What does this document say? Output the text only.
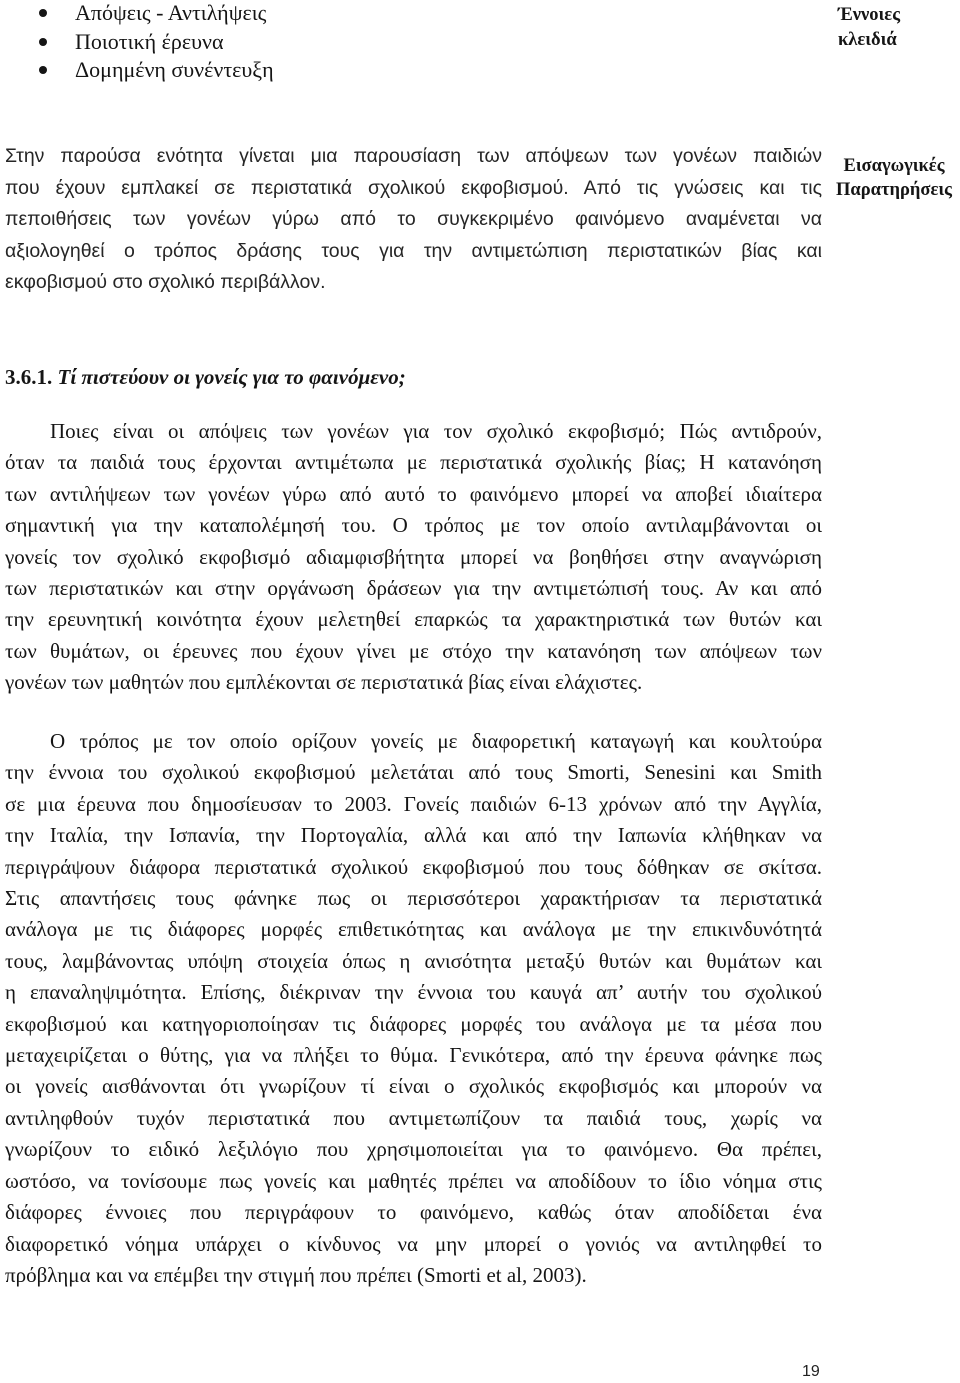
Απόψεις - Αντιλήψεις
Ποιοτική έρευνα
Δομημένη συνέντευξη
Έννοιες
κλειδιά
Στην παρούσα ενότητα γίνεται μια παρουσίαση των απόψεων των γονέων παιδιών
που έχουν εμπλακεί σε περιστατικά σχολικού εκφοβισμού. Από τις γνώσεις και τις
πεποιθήσεις των γονέων γύρω από το συγκεκριμένο φαινόμενο αναμένεται να
αξιολογηθεί ο τρόπος δράσης τους για την αντιμετώπιση περιστατικών βίας και
εκφοβισμού στο σχολικό περιβάλλον.
Εισαγωγικές
Παρατηρήσεις
3.6.1. Τί πιστεύουν οι γονείς για το φαινόμενο;
Ποιες είναι οι απόψεις των γονέων για τον σχολικό εκφοβισμό; Πώς αντιδρούν,
όταν τα παιδιά τους έρχονται αντιμέτωπα με περιστατικά σχολικής βίας; Η κατανόηση
των αντιλήψεων των γονέων γύρω από αυτό το φαινόμενο μπορεί να αποβεί ιδιαίτερα
σημαντική για την καταπολέμησή του. Ο τρόπος με τον οποίο αντιλαμβάνονται οι
γονείς τον σχολικό εκφοβισμό αδιαμφισβήτητα μπορεί να βοηθήσει στην αναγνώριση
των περιστατικών και στην οργάνωση δράσεων για την αντιμετώπισή τους. Αν και από
την ερευνητική κοινότητα έχουν μελετηθεί επαρκώς τα χαρακτηριστικά των θυτών και
των θυμάτων, οι έρευνες που έχουν γίνει με στόχο την κατανόηση των απόψεων των
γονέων των μαθητών που εμπλέκονται σε περιστατικά βίας είναι ελάχιστες.
Ο τρόπος με τον οποίο ορίζουν γονείς με διαφορετική καταγωγή και κουλτούρα
την έννοια του σχολικού εκφοβισμού μελετάται από τους Smorti, Senesini και Smith
σε μια έρευνα που δημοσίευσαν το 2003. Γονείς παιδιών 6-13 χρόνων από την Αγγλία,
την Ιταλία, την Ισπανία, την Πορτογαλία, αλλά και από την Ιαπωνία κλήθηκαν να
περιγράψουν διάφορα περιστατικά σχολικού εκφοβισμού που τους δόθηκαν σε σκίτσα.
Στις απαντήσεις τους φάνηκε πως οι περισσότεροι χαρακτήρισαν τα περιστατικά
ανάλογα με τις διάφορες μορφές επιθετικότητας και ανάλογα με την επικινδυνότητά
τους, λαμβάνοντας υπόψη στοιχεία όπως η ανισότητα μεταξύ θυτών και θυμάτων και
η επαναληψιμότητα. Επίσης, διέκριναν την έννοια του καυγά απ’ αυτήν του σχολικού
εκφοβισμού και κατηγοριοποίησαν τις διάφορες μορφές του ανάλογα με τα μέσα που
μεταχειρίζεται ο θύτης, για να πλήξει το θύμα. Γενικότερα, από την έρευνα φάνηκε πως
οι γονείς αισθάνονται ότι γνωρίζουν τί είναι ο σχολικός εκφοβισμός και μπορούν να
αντιληφθούν τυχόν περιστατικά που αντιμετωπίζουν τα παιδιά τους, χωρίς να
γνωρίζουν το ειδικό λεξιλόγιο που χρησιμοποιείται για το φαινόμενο. Θα πρέπει,
ωστόσο, να τονίσουμε πως γονείς και μαθητές πρέπει να αποδίδουν το ίδιο νόημα στις
διάφορες έννοιες που περιγράφουν το φαινόμενο, καθώς όταν αποδίδεται ένα
διαφορετικό νόημα υπάρχει ο κίνδυνος να μην μπορεί ο γονιός να αντιληφθεί το
πρόβλημα και να επέμβει την στιγμή που πρέπει (Smorti et al, 2003).
19
